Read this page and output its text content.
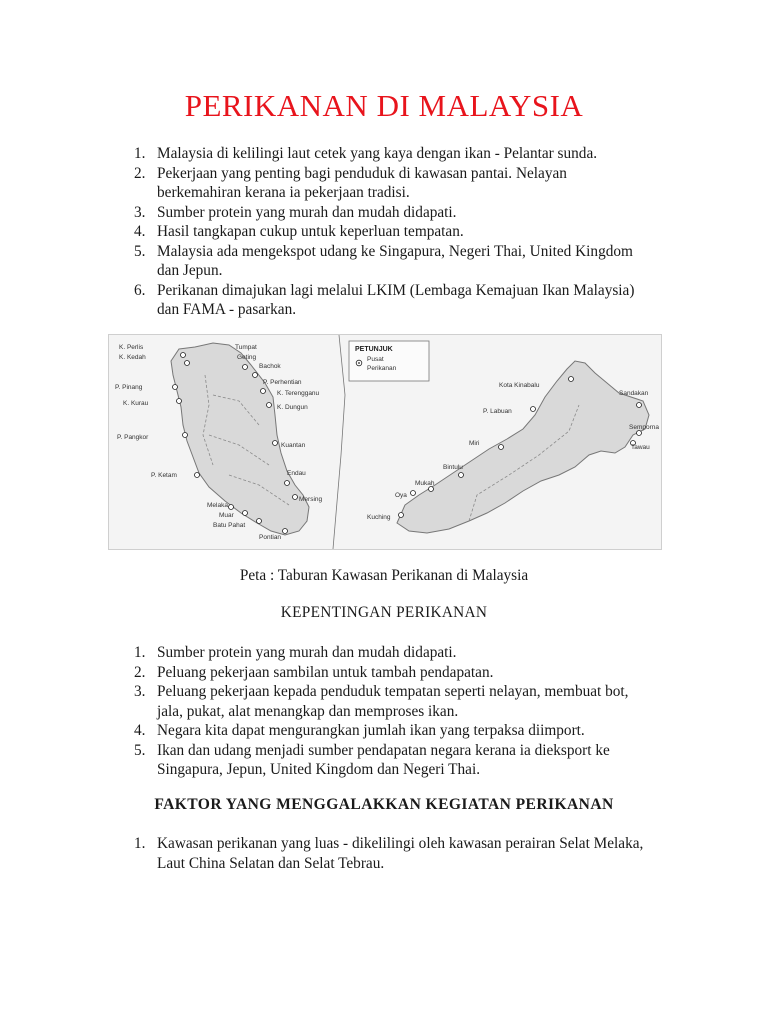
PERIKANAN DI MALAYSIA
1. Malaysia di kelilingi laut cetek yang kaya dengan ikan - Pelantar sunda.
2. Pekerjaan yang penting bagi penduduk di kawasan pantai. Nelayan berkemahiran kerana ia pekerjaan tradisi.
3. Sumber protein yang murah dan mudah didapati.
4. Hasil tangkapan cukup untuk keperluan tempatan.
5. Malaysia ada mengekspot udang ke Singapura, Negeri Thai, United Kingdom dan Jepun.
6. Perikanan dimajukan lagi melalui LKIM (Lembaga Kemajuan Ikan Malaysia) dan FAMA - pasarkan.
PETUNJUK
Pusat
Perikanan
K. Perlis
K. Kedah
Tumpat
Geting
Bachok
P. Perhentian
K. Terengganu
K. Dungun
P. Pinang
K. Kurau
P. Pangkor
Kuantan
P. Ketam	Endau
Mersing
Melaka
Muar
Batu Pahat
Pontian
Kota Kinabalu
P. Labuan
Sandakan
Semporna
Tawau
Miri
Bintulu
Mukah
Oya
Kuching
Peta : Taburan Kawasan Perikanan di Malaysia
KEPENTINGAN PERIKANAN
1. Sumber protein yang murah dan mudah didapati.
2. Peluang pekerjaan sambilan untuk tambah pendapatan.
3. Peluang pekerjaan kepada penduduk tempatan seperti nelayan, membuat bot, jala, pukat, alat menangkap dan memproses ikan.
4. Negara kita dapat mengurangkan jumlah ikan yang terpaksa diimport.
5. Ikan dan udang menjadi sumber pendapatan negara kerana ia dieksport ke Singapura, Jepun, United Kingdom dan Negeri Thai.
FAKTOR YANG MENGGALAKKAN KEGIATAN PERIKANAN
1. Kawasan perikanan yang luas - dikelilingi oleh kawasan perairan Selat Melaka, Laut China Selatan dan Selat Tebrau.
